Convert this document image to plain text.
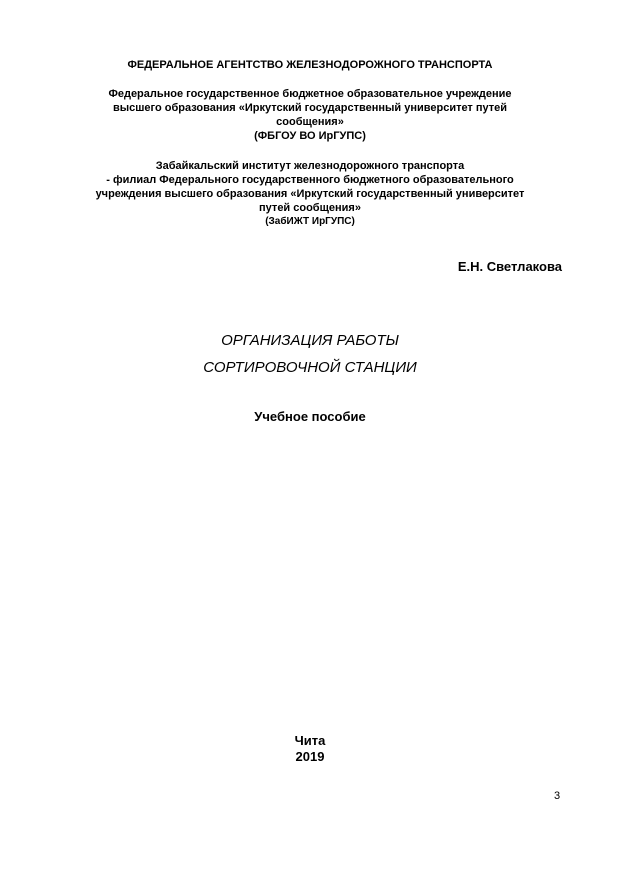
ФЕДЕРАЛЬНОЕ АГЕНТСТВО ЖЕЛЕЗНОДОРОЖНОГО ТРАНСПОРТА
Федеральное государственное бюджетное образовательное учреждение
высшего образования «Иркутский государственный университет путей
сообщения»
(ФБГОУ ВО ИрГУПС)
Забайкальский институт железнодорожного транспорта
- филиал Федерального государственного бюджетного образовательного
учреждения высшего образования «Иркутский государственный университет
путей сообщения»
(ЗабИЖТ ИрГУПС)
Е.Н. Светлакова
ОРГАНИЗАЦИЯ РАБОТЫ
СОРТИРОВОЧНОЙ СТАНЦИИ
Учебное пособие
Чита
2019
3
